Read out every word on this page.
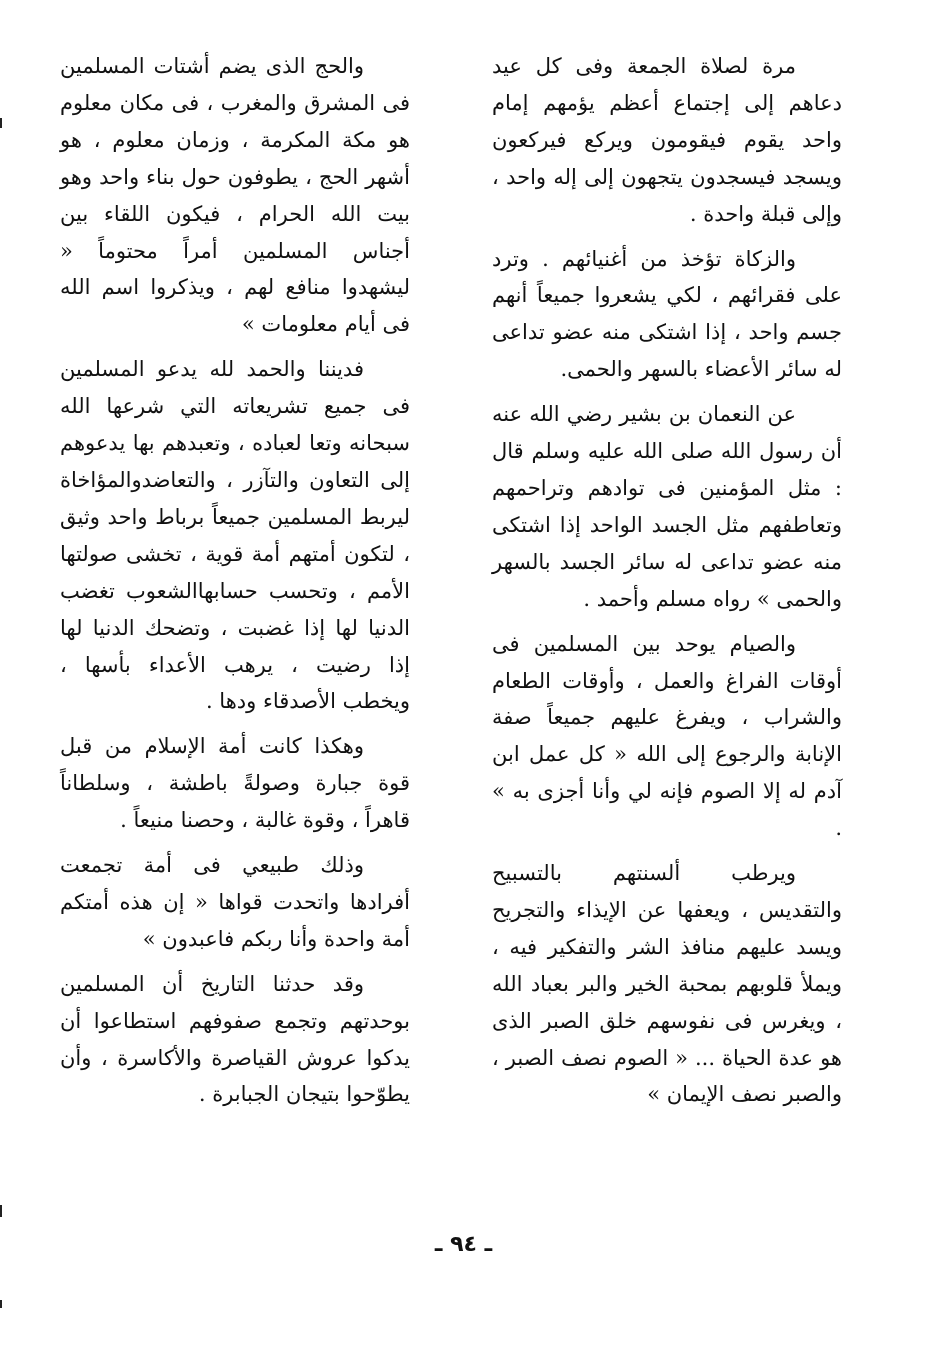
مرة لصلاة الجمعة وفى كل عيد دعاهم إلى إجتماع أعظم يؤمهم إمام واحد يقوم فيقومون ويركع فيركعون ويسجد فيسجدون يتجهون إلى إله واحد ، وإلى قبلة واحدة .

والزكاة تؤخذ من أغنيائهم . وترد على فقرائهم ، لكي يشعروا جميعاً أنهم جسم واحد ، إذا اشتكى منه عضو تداعى له سائر الأعضاء بالسهر والحمى.

عن النعمان بن بشير رضي الله عنه أن رسول الله صلى الله عليه وسلم قال : مثل المؤمنين فى توادهم وتراحمهم وتعاطفهم مثل الجسد الواحد إذا اشتكى منه عضو تداعى له سائر الجسد بالسهر والحمى » رواه مسلم وأحمد .

والصيام يوحد بين المسلمين فى أوقات الفراغ والعمل ، وأوقات الطعام والشراب ، ويفرغ عليهم جميعاً صفة الإنابة والرجوع إلى الله « كل عمل ابن آدم له إلا الصوم فإنه لي وأنا أجزى به » .

ويرطب ألسنتهم بالتسبيح والتقديس ، ويعفها عن الإيذاء والتجريح ويسد عليهم منافذ الشر والتفكير فيه ، ويملأ قلوبهم بمحبة الخير والبر بعباد الله ، ويغرس فى نفوسهم خلق الصبر الذى هو عدة الحياة ... « الصوم نصف الصبر ، والصبر نصف الإيمان »

والحج الذى يضم أشتات المسلمين فى المشرق والمغرب ، فى مكان معلوم هو مكة المكرمة ، وزمان معلوم ، هو أشهر الحج ، يطوفون حول بناء واحد وهو بيت الله الحرام ، فيكون اللقاء بين أجناس المسلمين أمراً محتوماً « ليشهدوا منافع لهم ، ويذكروا اسم الله فى أيام معلومات »

فديننا والحمد لله يدعو المسلمين فى جميع تشريعاته التي شرعها الله سبحانه وتعا لعباده ، وتعبدهم بها يدعوهم إلى التعاون والتآزر ، والتعاضدوالمؤاخاة ليربط المسلمين جميعاً برباط واحد وثيق ، لتكون أمتهم أمة قوية ، تخشى صولتها الأمم ، وتحسب حسابهاالشعوب تغضب الدنيا لها إذا غضبت ، وتضحك الدنيا لها إذا رضيت ، يرهب الأعداء بأسها ، ويخطب الأصدقاء ودها .

وهكذا كانت أمة الإسلام من قبل قوة جبارة وصولةً باطشة ، وسلطاناً قاهراً ، وقوة غالبة ، وحصنا منيعاً .

وذلك طبيعي فى أمة تجمعت أفرادها واتحدت قواها « إن هذه أمتكم أمة واحدة وأنا ربكم فاعبدون »

وقد حدثنا التاريخ أن المسلمين بوحدتهم وتجمع صفوفهم استطاعوا أن يدكوا عروش القياصرة والأكاسرة ، وأن يطوّحوا بتيجان الجبابرة .

ـ ٩٤ ـ
